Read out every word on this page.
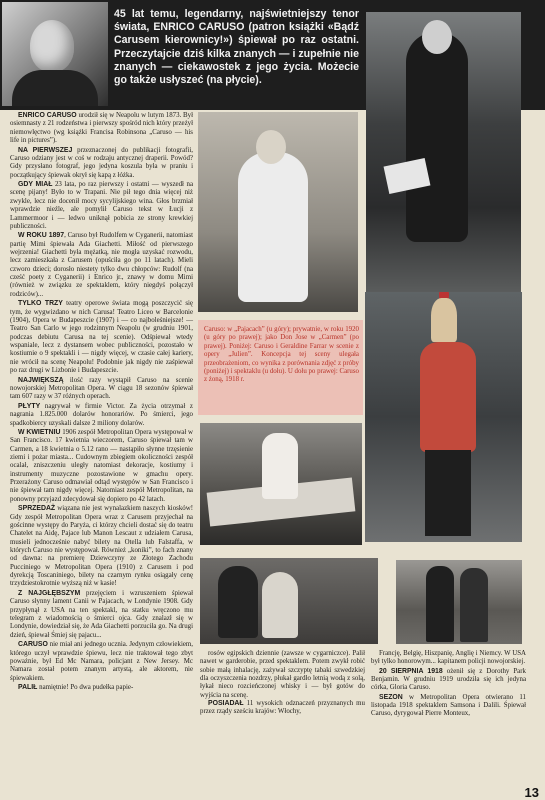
45 lat temu, legendarny, najświetniejszy tenor świata, ENRICO CARUSO (patron książki «Bądź Carusem kierownicy!») śpiewał po raz ostatni. Przeczytajcie dziś kilka znanych — i zupełnie nie znanych — ciekawostek z jego życia. Możecie go także usłyszeć (na płycie).

ENRICO CARUSO urodził się w Neapolu w lutym 1873. Był osiemnasty z 21 rodzeństwa i pierwszy spośród nich który przeżył niemowlęctwo (wg książki Francisa Robinsona „Caruso — his life in pictures”).

NA PIERWSZEJ przeznaczonej do publikacji fotografii, Caruso odziany jest w coś w rodzaju antycznej draperii. Powód? Gdy przysłano fotograf, jego jedyna koszula była w praniu i początkujący śpiewak okrył się kapą z łóżka.

GDY MIAŁ 23 lata, po raz pierwszy i ostatni — wyszedł na scenę pijany! Było to w Trapani. Nie pił tego dnia więcej niż zwykle, lecz nie docenił mocy sycylijskiego wina. Głos brzmiał wprawdzie nieźle, ale pomylił Caruso tekst w Łucji z Lammermoor i — ledwo uniknął pobicia ze strony krewkiej publiczności.

W ROKU 1897, Caruso był Rudolfem w Cyganerii, natomiast partię Mimi śpiewała Ada Giachetti. Miłość od pierwszego wejrzenia! Giachetti była mężatką, nie mogła uzyskać rozwodu, lecz zamieszkała z Carusem (opuściła go po 11 latach). Mieli czworo dzieci; dorosło niestety tylko dwu chłopców: Rudolf (na cześć poety z Cyganerii) i Enrico jr., znawy w domu Mimi (również w związku ze spektaklem, który niegdyś połączył rodziców)...

TYLKO TRZY teatry operowe świata mogą poszczycić się tym, że wygwizdano w nich Carusa! Teatro Liceo w Barcelonie (1904), Opera w Budapeszcie (1907) i — co najboleśniejsze! — Teatro San Carlo w jego rodzinnym Neapolu (w grudniu 1901, podczas debiutu Carusa na tej scenie). Odśpiewał wtedy wspaniale, lecz z dystansem wobec publiczności, pozostało w kostiumie o 9 spektakli i — nigdy więcej, w czasie całej kariery, nie wrócił na scenę Neapolu! Podobnie jak nigdy nie zaśpiewał po raz drugi w Lizbonie i Budapeszcie.

NAJWIĘKSZĄ ilość razy wystąpił Caruso na scenie nowojorskiej Metropolitan Opera. W ciągu 18 sezonów śpiewał tam 607 razy w 37 różnych operach.

PŁYTY nagrywał w firmie Victor. Za życia otrzymał z nagrania 1.825.000 dolarów honorariów. Po śmierci, jego spadkobiercy uzyskali dalsze 2 miliony dolarów.

W KWIETNIU 1906 zespół Metropolitan Opera występował w San Francisco. 17 kwietnia wieczorem, Caruso śpiewał tam w Carmen, a 18 kwietnia o 5.12 rano — nastąpiło słynne trzęsienie ziemi i pożar miasta... Cudownym zbiegiem okoliczności zespół ocalał, zniszczeniu uległy natomiast dekoracje, kostiumy i instrumenty muzyczne pozostawione w gmachu opery. Przerażony Caruso odmawiał odtąd występów w San Francisco i nie śpiewał tam nigdy więcej. Natomiast zespół Metropolitan, na ponowny przyjazd zdecydował się dopiero po 42 latach.

SPRZEDAŻ wiązana nie jest wynalazkiem naszych kiosków! Gdy zespół Metropolitan Opera wraz z Carusem przyjechał na gościnne występy do Paryża, ci którzy chcieli dostać się do teatru Chatelet na Aidę, Pajace lub Manon Lescaut z udziałem Carusa, musieli jednocześnie nabyć bilety na Otella lub Falstaffa, w których Caruso nie występował. Również „koniki”, to fach znany od dawna: na premierę Dziewczyny ze Złotego Zachodu Pucciniego w Metropolitan Opera (1910) z Carusem i pod dyrekcją Toscaniniego, bilety na czarnym rynku osiągały cenę trzydziestokrotnie wyższą niż w kasie!

Z NAJGŁĘBSZYM przejęciem i wzruszeniem śpiewał Caruso słynny lament Canii w Pajacach, w Londynie 1908. Gdy przypłynął z USA na ten spektakl, na statku wręczono mu telegram z wiadomością o śmierci ojca. Gdy znalazł się w Londynie, dowiedział się, że Ada Giachetti porzuciła go. Na drugi dzień, śpiewał Śmiej się pajacu...

CARUSO nie miał ani jednego ucznia. Jedynym człowiekiem, którego uczył wprawdzie śpiewu, lecz nie traktował tego zbyt poważnie, był Ed Mc Namara, policjant z New Jersey. Mc Namara został potem znanym artystą, ale aktorem, nie śpiewakiem.

PALIŁ namiętnie! Po dwa pudełka papie-

Caruso: w „Pajacach” (u góry); prywatnie, w roku 1920 (u góry po prawej); jako Don Jose w „Carmen” (po prawej). Poniżej: Caruso i Geraldine Farrar w scenie z opery „Julien”. Koncepcja tej sceny ulegała przeobrażeniom, co wynika z porównania zdjęć z próby (poniżej) i spektaklu (u dołu). U dołu po prawej: Caruso z żoną, 1918 r.

rosów egipskich dziennie (zawsze w cygarniczce). Palił nawet w garderobie, przed spektaklem. Potem zwykł robić sobie małą inhalację, zażywał szczyptę tabaki szwedzkiej dla oczyszczenia nozdrzy, płukał gardło letnią wodą z solą, łykał nieco rozcieńczonej whisky i — był gotów do wyjścia na scenę.

POSIADAŁ 11 wysokich odznaczeń przyznanych mu przez rządy sześciu krajów: Włochy,

Francję, Belgię, Hiszpanię, Anglię i Niemcy. W USA był tylko honorowym... kapitanem policji nowojorskiej.

20 SIERPNIA 1918 ożenił się z Dorothy Park Benjamin. W grudniu 1919 urodziła się ich jedyna córka, Gloria Caruso.

SEZON w Metropolitan Opera otwierano 11 listopada 1918 spektaklem Samsona i Dalili. Śpiewał Caruso, dyrygował Pierre Monteux,

13
